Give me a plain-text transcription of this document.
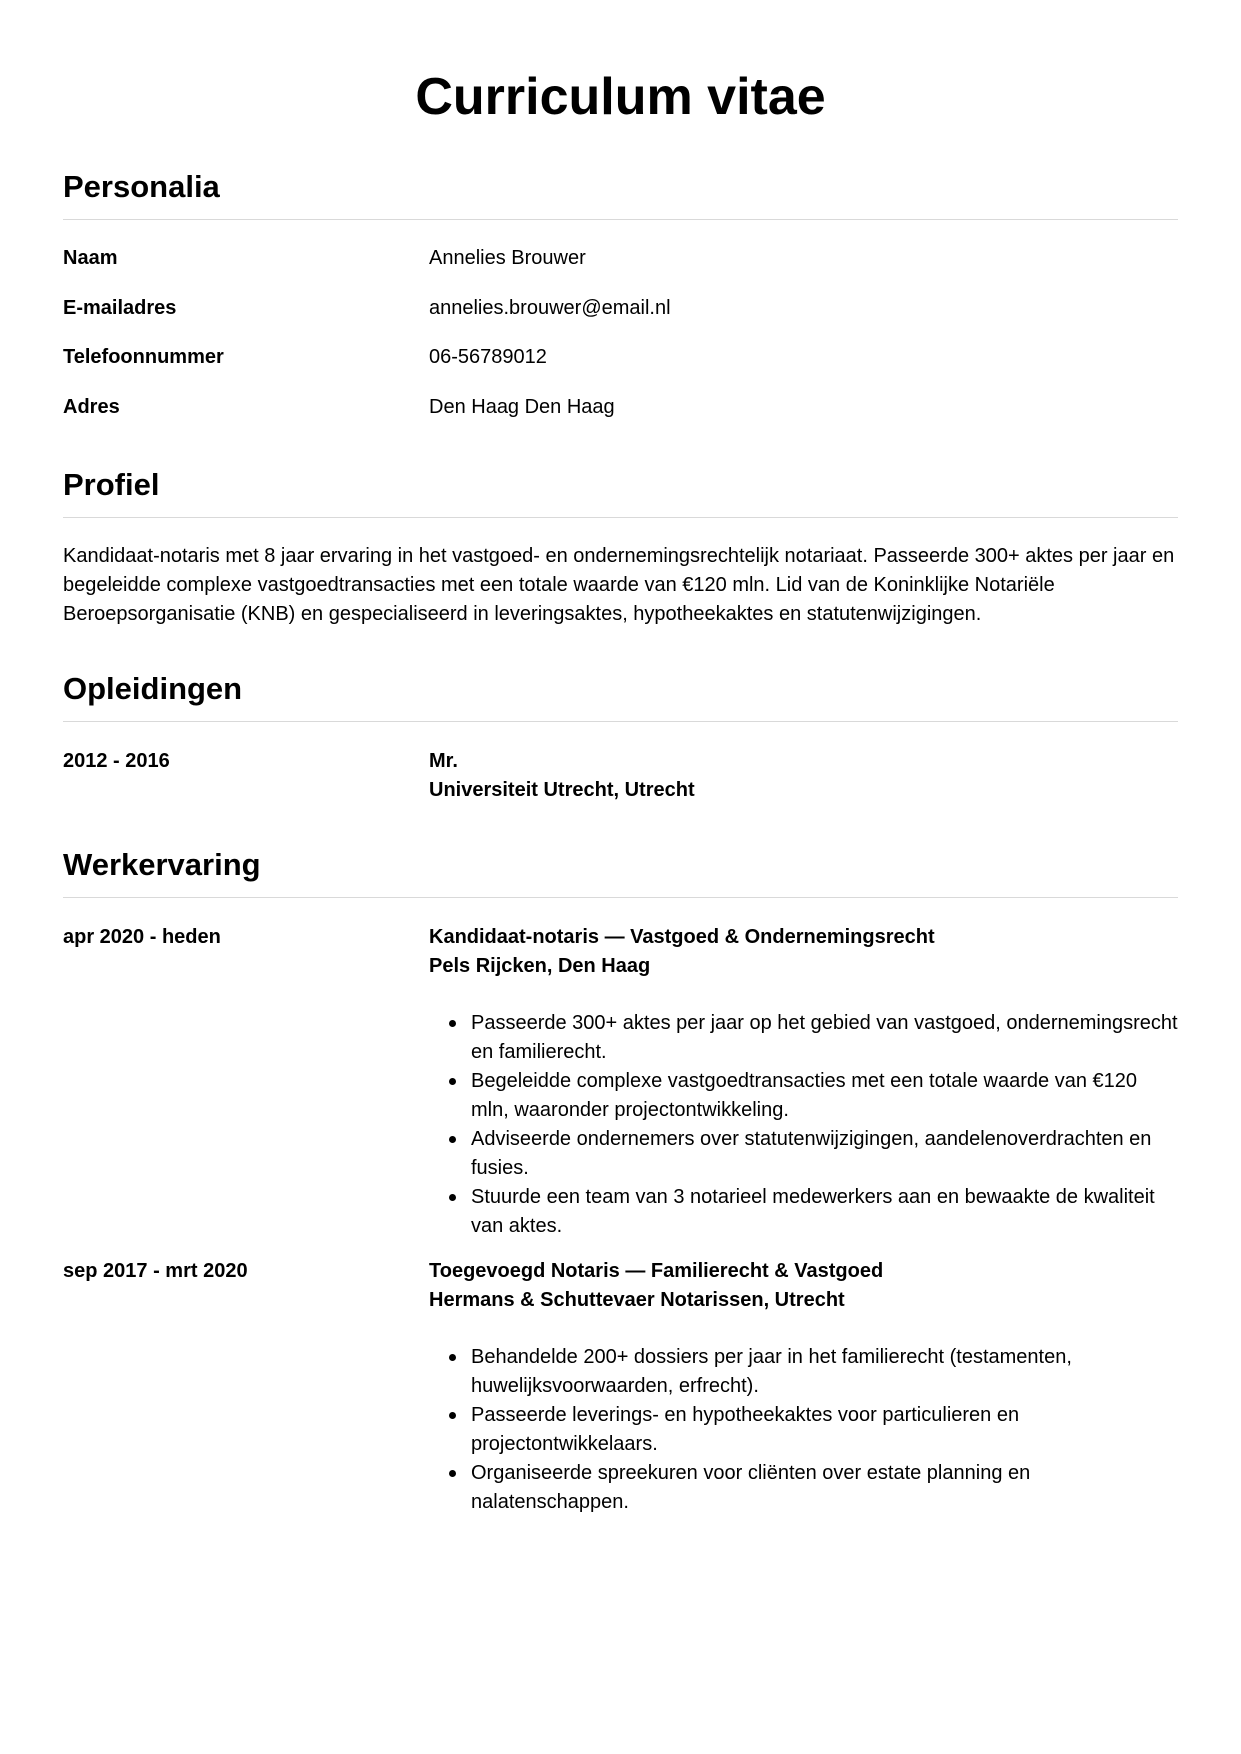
Curriculum vitae
Personalia
Naam	Annelies Brouwer
E-mailadres	annelies.brouwer@email.nl
Telefoonnummer	06-56789012
Adres	Den Haag Den Haag
Profiel

Kandidaat-notaris met 8 jaar ervaring in het vastgoed- en ondernemingsrechtelijk notariaat. Passeerde 300+ aktes per jaar en begeleidde complexe vastgoedtransacties met een totale waarde van €120 mln. Lid van de Koninklijke Notariële Beroepsorganisatie (KNB) en gespecialiseerd in leveringsaktes, hypotheekaktes en statutenwijzigingen.

Opleidingen
2012 - 2016	Mr.
Universiteit Utrecht, Utrecht
Werkervaring
apr 2020 - heden	Kandidaat-notaris — Vastgoed & Ondernemingsrecht
Pels Rijcken, Den Haag
Passeerde 300+ aktes per jaar op het gebied van vastgoed, ondernemingsrecht en familierecht.
Begeleidde complexe vastgoedtransacties met een totale waarde van €120 mln, waaronder projectontwikkeling.
Adviseerde ondernemers over statutenwijzigingen, aandelenoverdrachten en fusies.
Stuurde een team van 3 notarieel medewerkers aan en bewaakte de kwaliteit van aktes.
sep 2017 - mrt 2020	Toegevoegd Notaris — Familierecht & Vastgoed
Hermans & Schuttevaer Notarissen, Utrecht
Behandelde 200+ dossiers per jaar in het familierecht (testamenten, huwelijksvoorwaarden, erfrecht).
Passeerde leverings- en hypotheekaktes voor particulieren en projectontwikkelaars.
Organiseerde spreekuren voor cliënten over estate planning en nalatenschappen.
